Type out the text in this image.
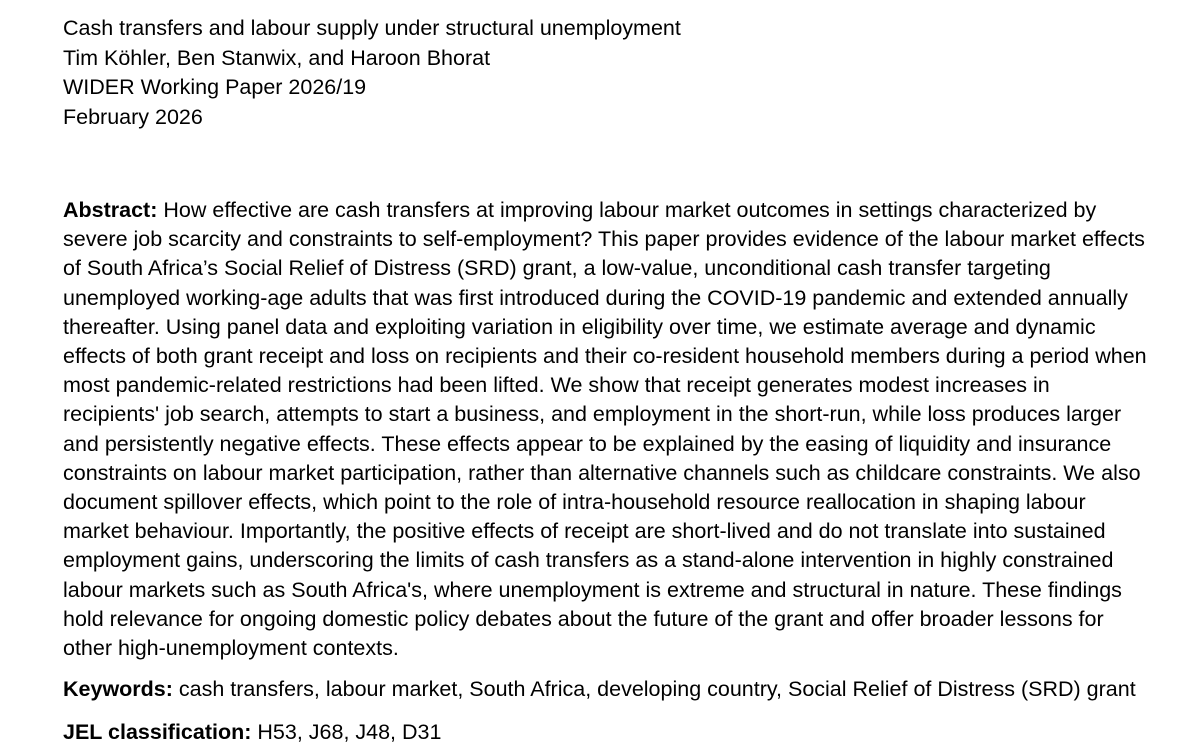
Cash transfers and labour supply under structural unemployment
Tim Köhler, Ben Stanwix, and Haroon Bhorat
WIDER Working Paper 2026/19
February 2026
Abstract: How effective are cash transfers at improving labour market outcomes in settings characterized by severe job scarcity and constraints to self-employment? This paper provides evidence of the labour market effects of South Africa’s Social Relief of Distress (SRD) grant, a low-value, unconditional cash transfer targeting unemployed working-age adults that was first introduced during the COVID-19 pandemic and extended annually thereafter. Using panel data and exploiting variation in eligibility over time, we estimate average and dynamic effects of both grant receipt and loss on recipients and their co-resident household members during a period when most pandemic-related restrictions had been lifted. We show that receipt generates modest increases in recipients' job search, attempts to start a business, and employment in the short-run, while loss produces larger and persistently negative effects. These effects appear to be explained by the easing of liquidity and insurance constraints on labour market participation, rather than alternative channels such as childcare constraints. We also document spillover effects, which point to the role of intra-household resource reallocation in shaping labour market behaviour. Importantly, the positive effects of receipt are short-lived and do not translate into sustained employment gains, underscoring the limits of cash transfers as a stand-alone intervention in highly constrained labour markets such as South Africa's, where unemployment is extreme and structural in nature. These findings hold relevance for ongoing domestic policy debates about the future of the grant and offer broader lessons for other high-unemployment contexts.
Keywords: cash transfers, labour market, South Africa, developing country, Social Relief of Distress (SRD) grant
JEL classification: H53, J68, J48, D31
